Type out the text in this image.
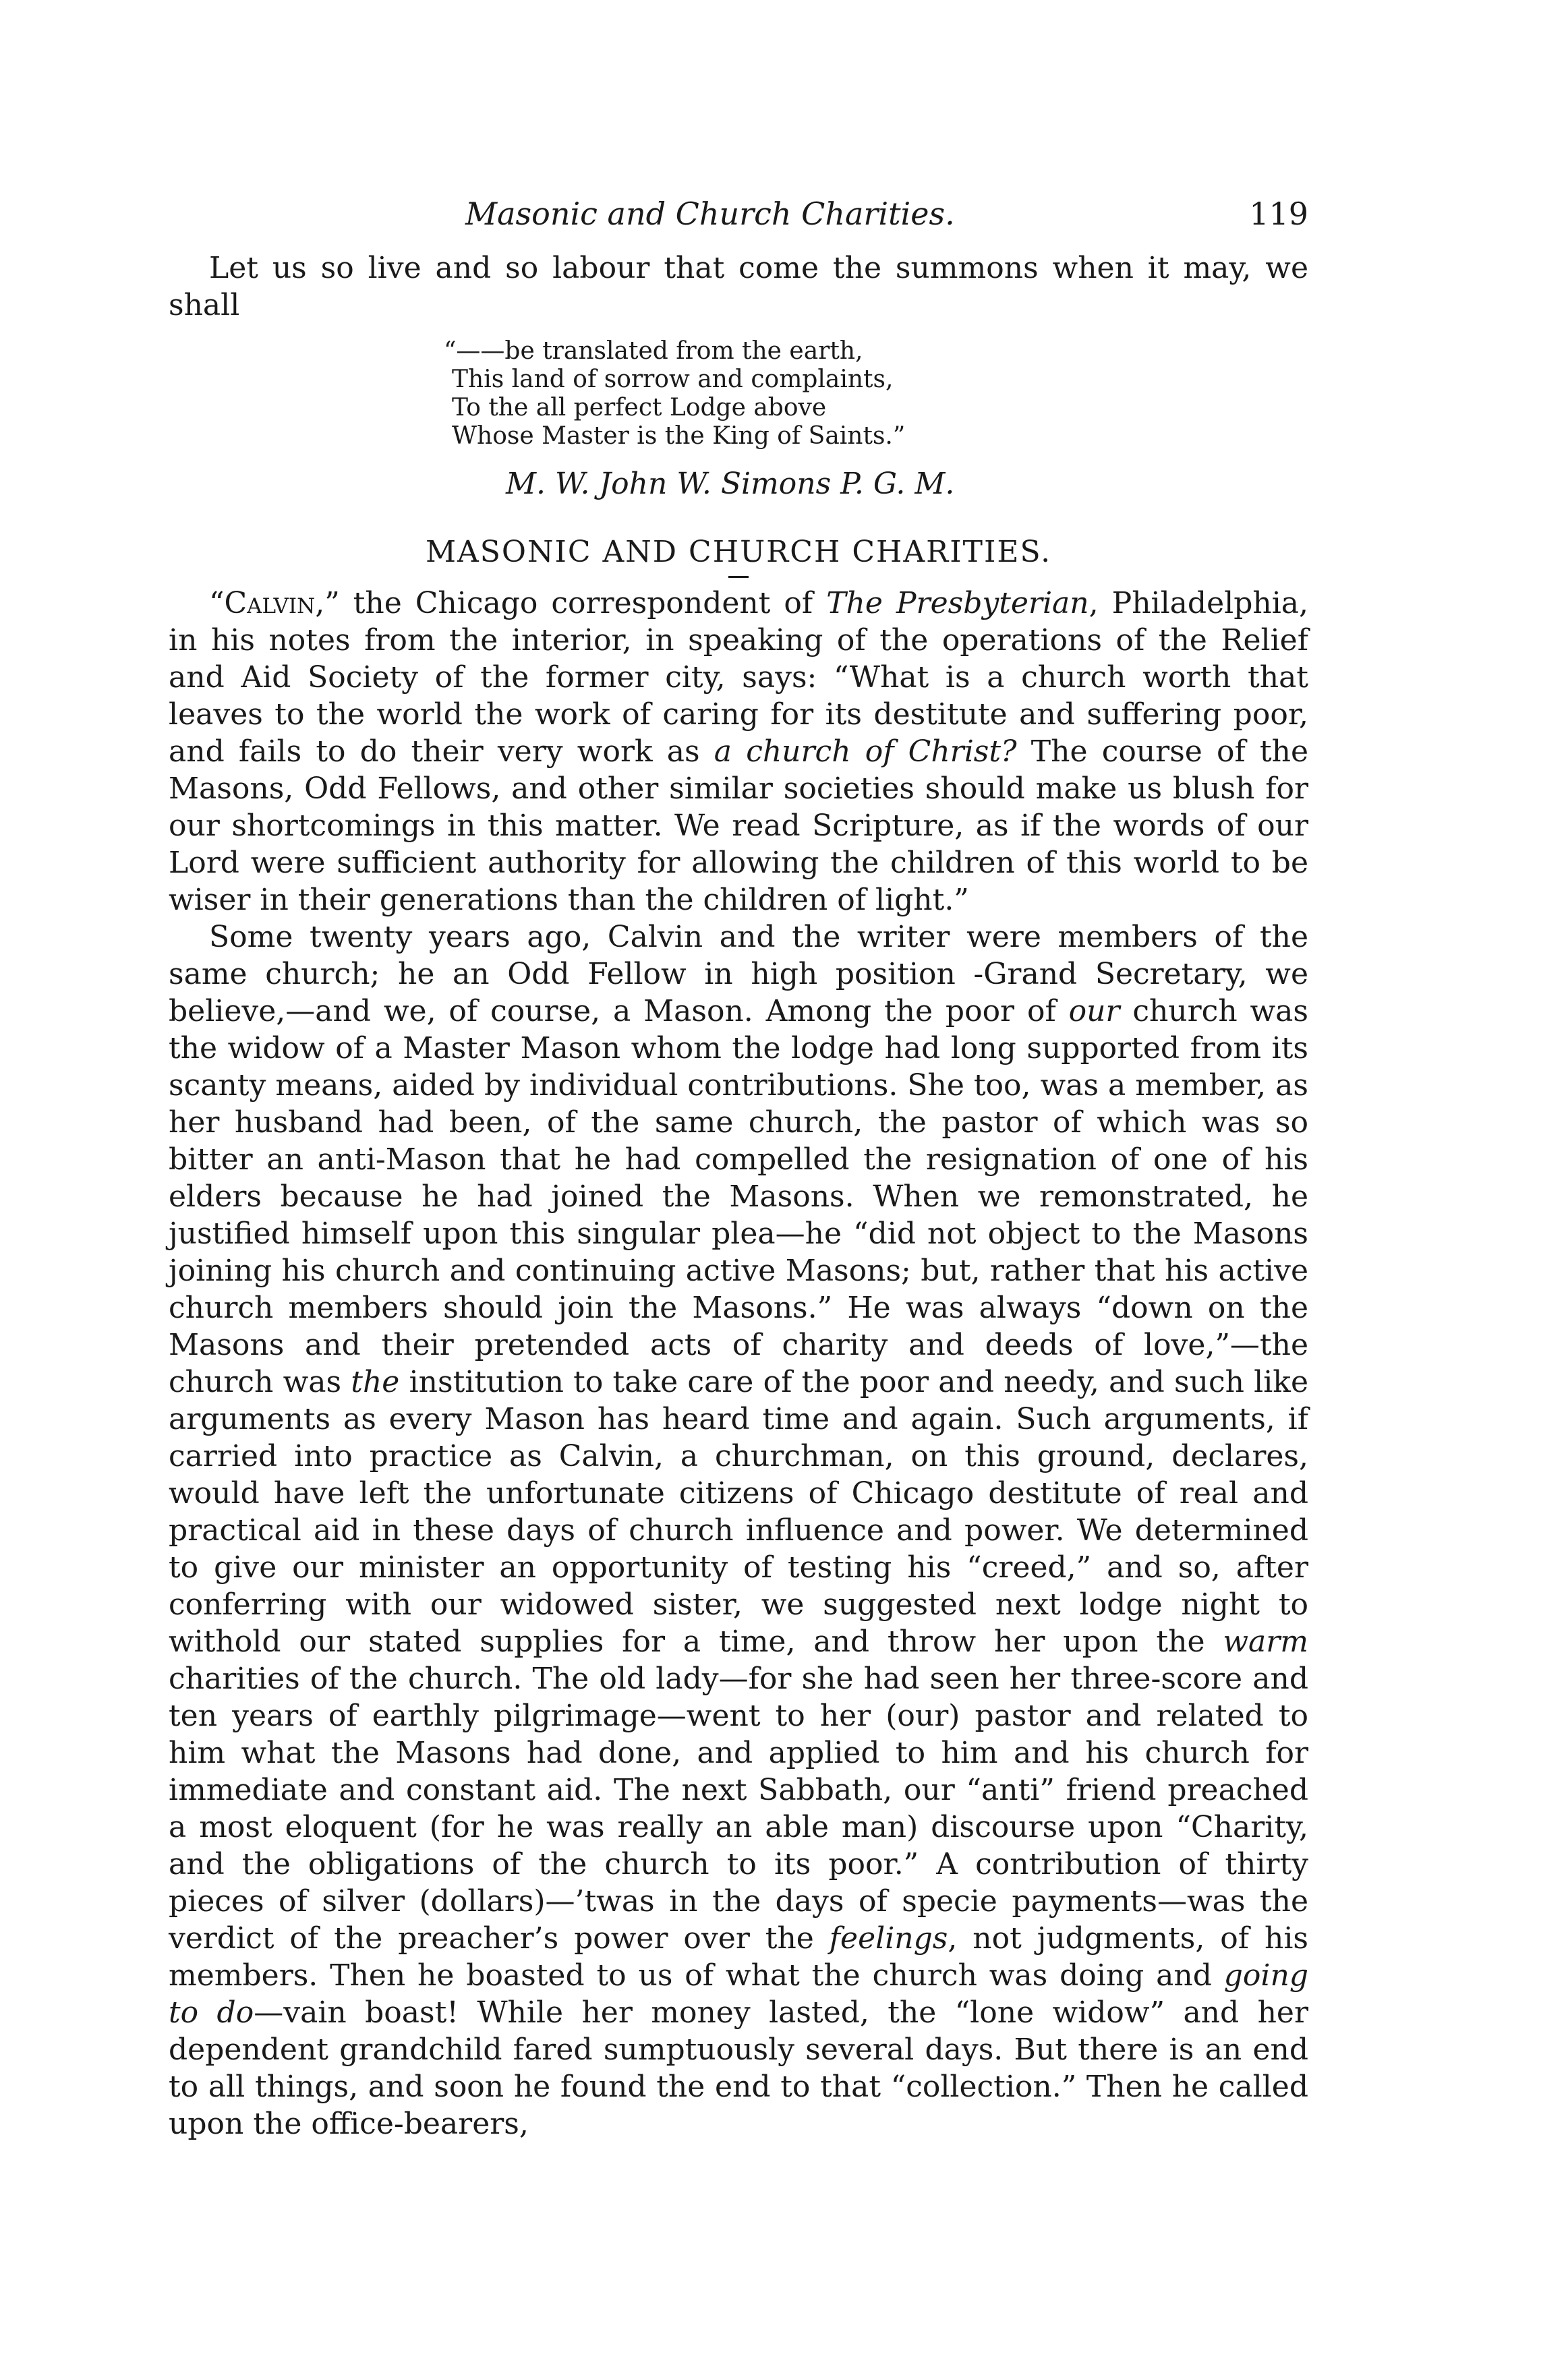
Masonic and Church Charities.	119

Let us so live and so labour that come the summons when it may, we shall

“——be translated from the earth,
This land of sorrow and complaints,
To the all perfect Lodge above
Whose Master is the King of Saints.”
M. W. John W. Simons P. G. M.
MASONIC AND CHURCH CHARITIES.

“Calvin,” the Chicago correspondent of The Presbyterian, Philadelphia, in his notes from the interior, in speaking of the operations of the Relief and Aid Society of the former city, says: “What is a church worth that leaves to the world the work of caring for its destitute and suffering poor, and fails to do their very work as a church of Christ? The course of the Masons, Odd Fellows, and other similar societies should make us blush for our shortcomings in this matter. We read Scripture, as if the words of our Lord were sufficient authority for allowing the children of this world to be wiser in their generations than the children of light.”

Some twenty years ago, Calvin and the writer were members of the same church; he an Odd Fellow in high position -Grand Secretary, we believe,—and we, of course, a Mason. Among the poor of our church was the widow of a Master Mason whom the lodge had long supported from its scanty means, aided by individual contributions. She too, was a member, as her husband had been, of the same church, the pastor of which was so bitter an anti-Mason that he had compelled the resignation of one of his elders because he had joined the Masons. When we remonstrated, he justified himself upon this singular plea—he “did not object to the Masons joining his church and continuing active Masons; but, rather that his active church members should join the Masons.” He was always “down on the Masons and their pretended acts of charity and deeds of love,”—the church was the institution to take care of the poor and needy, and such like arguments as every Mason has heard time and again. Such arguments, if carried into practice as Calvin, a churchman, on this ground, declares, would have left the unfortunate citizens of Chicago destitute of real and practical aid in these days of church influence and power. We determined to give our minister an opportunity of testing his “creed,” and so, after conferring with our widowed sister, we suggested next lodge night to withold our stated supplies for a time, and throw her upon the warm charities of the church. The old lady—for she had seen her three-score and ten years of earthly pilgrimage—went to her (our) pastor and related to him what the Masons had done, and applied to him and his church for immediate and constant aid. The next Sabbath, our “anti” friend preached a most eloquent (for he was really an able man) discourse upon “Charity, and the obligations of the church to its poor.” A contribution of thirty pieces of silver (dollars)—’twas in the days of specie payments—was the verdict of the preacher’s power over the feelings, not judgments, of his members. Then he boasted to us of what the church was doing and going to do—vain boast! While her money lasted, the “lone widow” and her dependent grandchild fared sumptuously several days. But there is an end to all things, and soon he found the end to that “collection.” Then he called upon the office-bearers,
